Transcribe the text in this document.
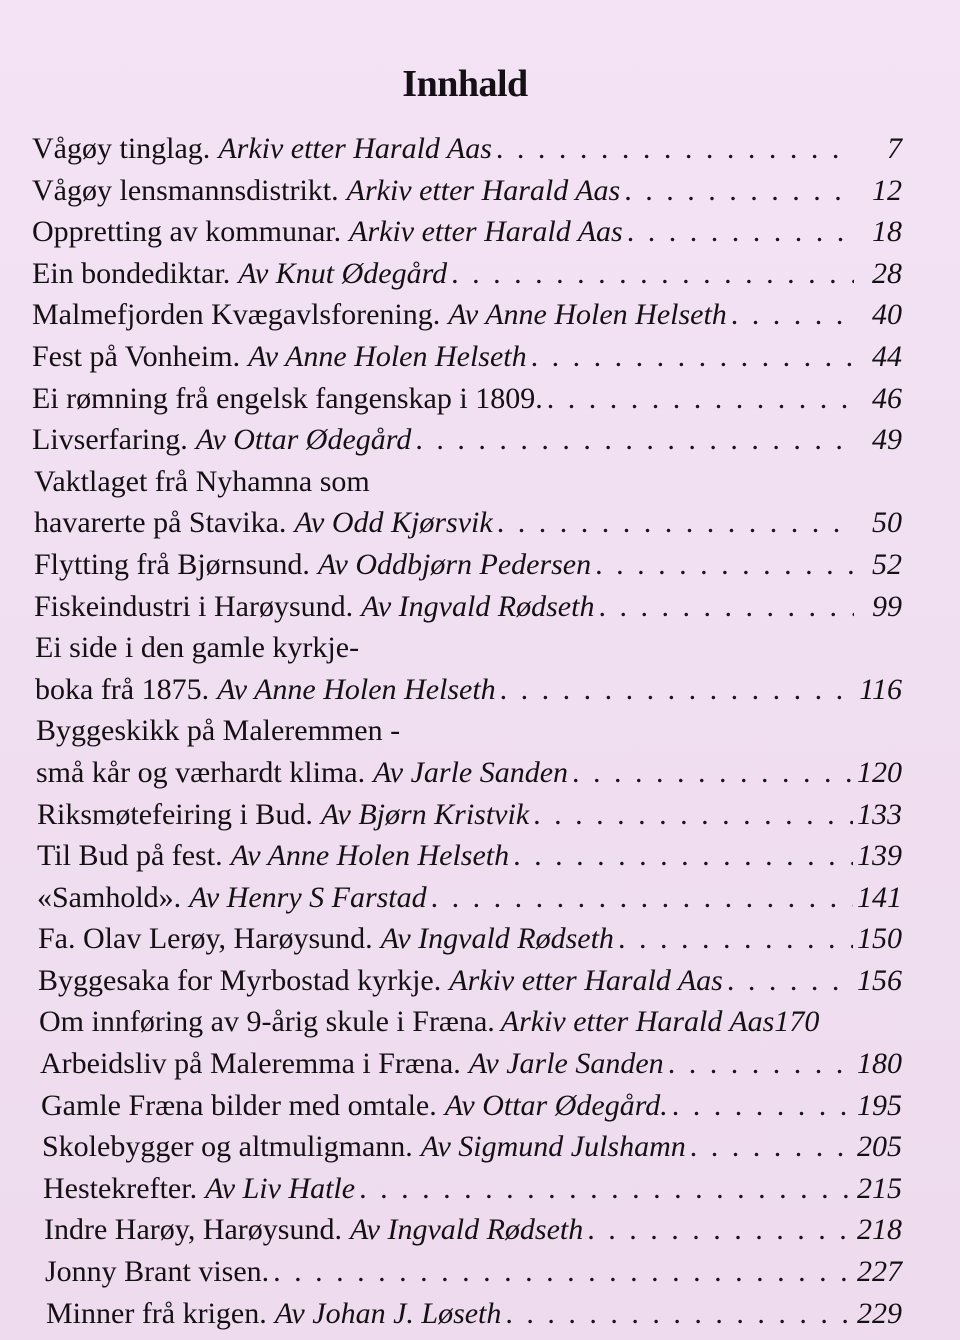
Innhald
Vågøy tinglag. Arkiv etter Harald Aas . . .	7
Vågøy lensmannsdistrikt. Arkiv etter Harald Aas . . .	12
Oppretting av kommunar. Arkiv etter Harald Aas . . .	18
Ein bondediktar. Av Knut Ødegård . . .	28
Malmefjorden Kvægavlsforening. Av Anne Holen Helseth . . .	40
Fest på Vonheim. Av Anne Holen Helseth . . .	44
Ei rømning frå engelsk fangenskap i 1809. . . .	46
Livserfaring. Av Ottar Ødegård . . .	49
Vaktlaget frå Nyhamna som
havarerte på Stavika. Av Odd Kjørsvik . . .	50
Flytting frå Bjørnsund. Av Oddbjørn Pedersen . . .	52
Fiskeindustri i Harøysund. Av Ingvald Rødseth . . .	99
Ei side i den gamle kyrkje-
boka frå 1875. Av Anne Holen Helseth . . .	116
Byggeskikk på Maleremmen -
små kår og værhardt klima. Av Jarle Sanden . . .	120
Riksmøtefeiring i Bud. Av Bjørn Kristvik . . .	133
Til Bud på fest. Av Anne Holen Helseth . . .	139
«Samhold». Av Henry S Farstad . . .	141
Fa. Olav Lerøy, Harøysund. Av Ingvald Rødseth . . .	150
Byggesaka for Myrbostad kyrkje. Arkiv etter Harald Aas . . .	156
Om innføring av 9-årig skule i Fræna. Arkiv etter Harald Aas 170
Arbeidsliv på Maleremma i Fræna. Av Jarle Sanden . . .	180
Gamle Fræna bilder med omtale. Av Ottar Ødegård. . . .	195
Skolebygger og altmuligmann. Av Sigmund Julshamn . . .	205
Hestekrefter. Av Liv Hatle . . .	215
Indre Harøy, Harøysund. Av Ingvald Rødseth . . .	218
Jonny Brant visen. . . .	227
Minner frå krigen. Av Johan J. Løseth . . .	229
